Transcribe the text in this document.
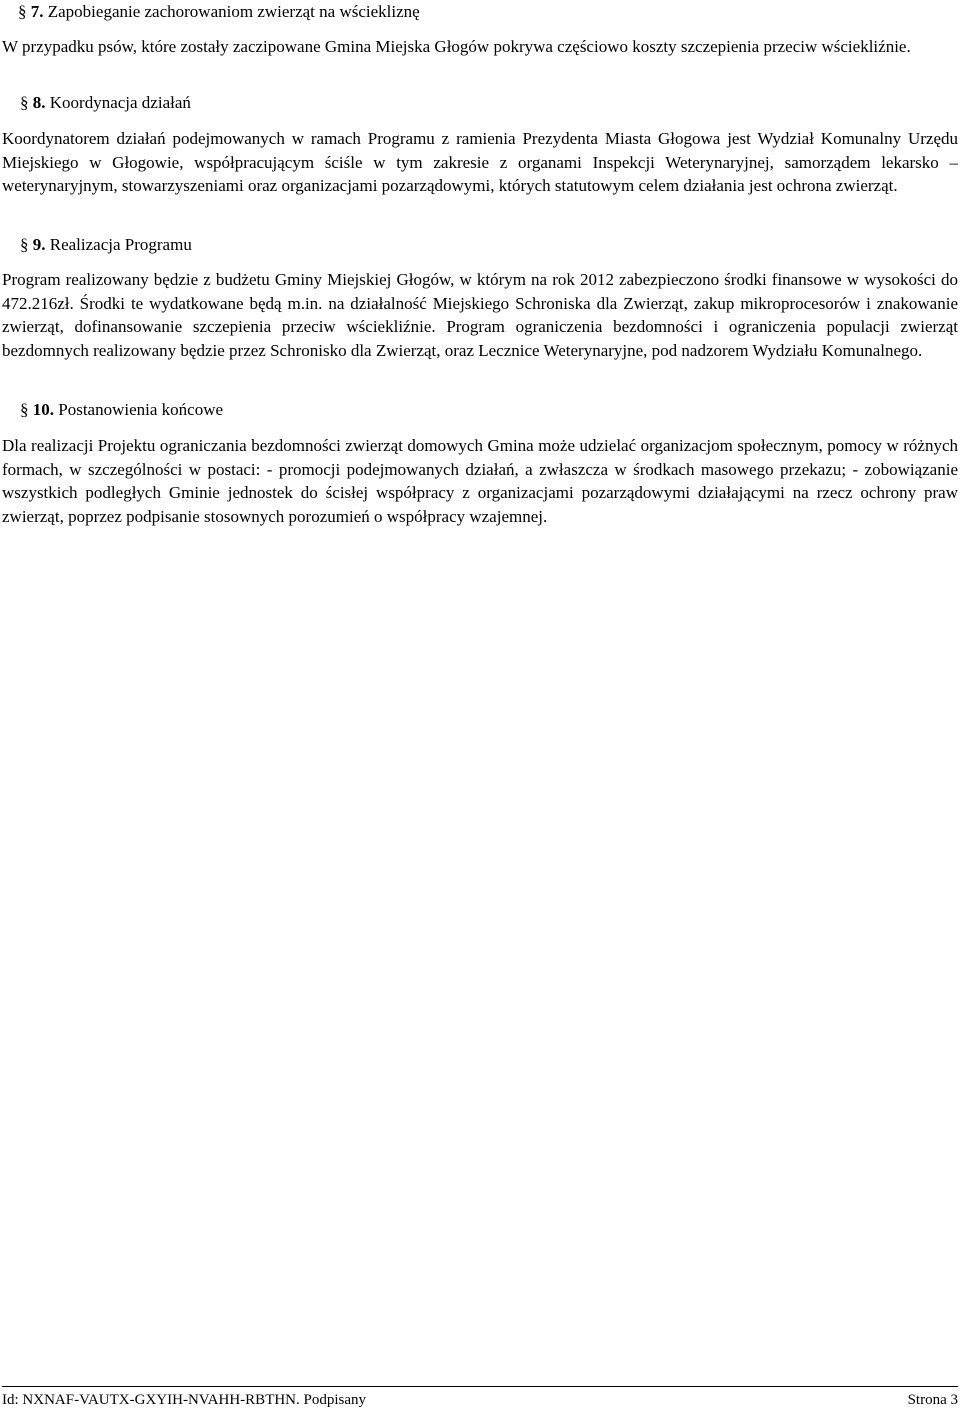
§ 7. Zapobieganie zachorowaniom zwierząt na wściekliznę

W przypadku psów, które zostały zaczipowane Gmina Miejska Głogów pokrywa częściowo koszty szczepienia przeciw wściekliźnie.

§ 8. Koordynacja działań

Koordynatorem działań podejmowanych w ramach Programu z ramienia Prezydenta Miasta Głogowa jest Wydział Komunalny Urzędu Miejskiego w Głogowie, współpracującym ściśle w tym zakresie z organami Inspekcji Weterynaryjnej, samorządem lekarsko – weterynaryjnym, stowarzyszeniami oraz organizacjami pozarządowymi, których statutowym celem działania jest ochrona zwierząt.

§ 9. Realizacja Programu

Program realizowany będzie z budżetu Gminy Miejskiej Głogów, w którym na rok 2012 zabezpieczono środki finansowe w wysokości do 472.216zł. Środki te wydatkowane będą m.in. na działalność Miejskiego Schroniska dla Zwierząt, zakup mikroprocesorów i znakowanie zwierząt, dofinansowanie szczepienia przeciw wściekliźnie. Program ograniczenia bezdomności i ograniczenia populacji zwierząt bezdomnych realizowany będzie przez Schronisko dla Zwierząt, oraz Lecznice Weterynaryjne, pod nadzorem Wydziału Komunalnego.

§ 10. Postanowienia końcowe

Dla realizacji Projektu ograniczania bezdomności zwierząt domowych Gmina może udzielać organizacjom społecznym, pomocy w różnych formach, w szczególności w postaci: - promocji podejmowanych działań, a zwłaszcza w środkach masowego przekazu; - zobowiązanie wszystkich podległych Gminie jednostek do ścisłej współpracy z organizacjami pozarządowymi działającymi na rzecz ochrony praw zwierząt, poprzez podpisanie stosownych porozumień o współpracy wzajemnej.

Id: NXNAF-VAUTX-GXYIH-NVAHH-RBTHN. Podpisany	Strona 3
